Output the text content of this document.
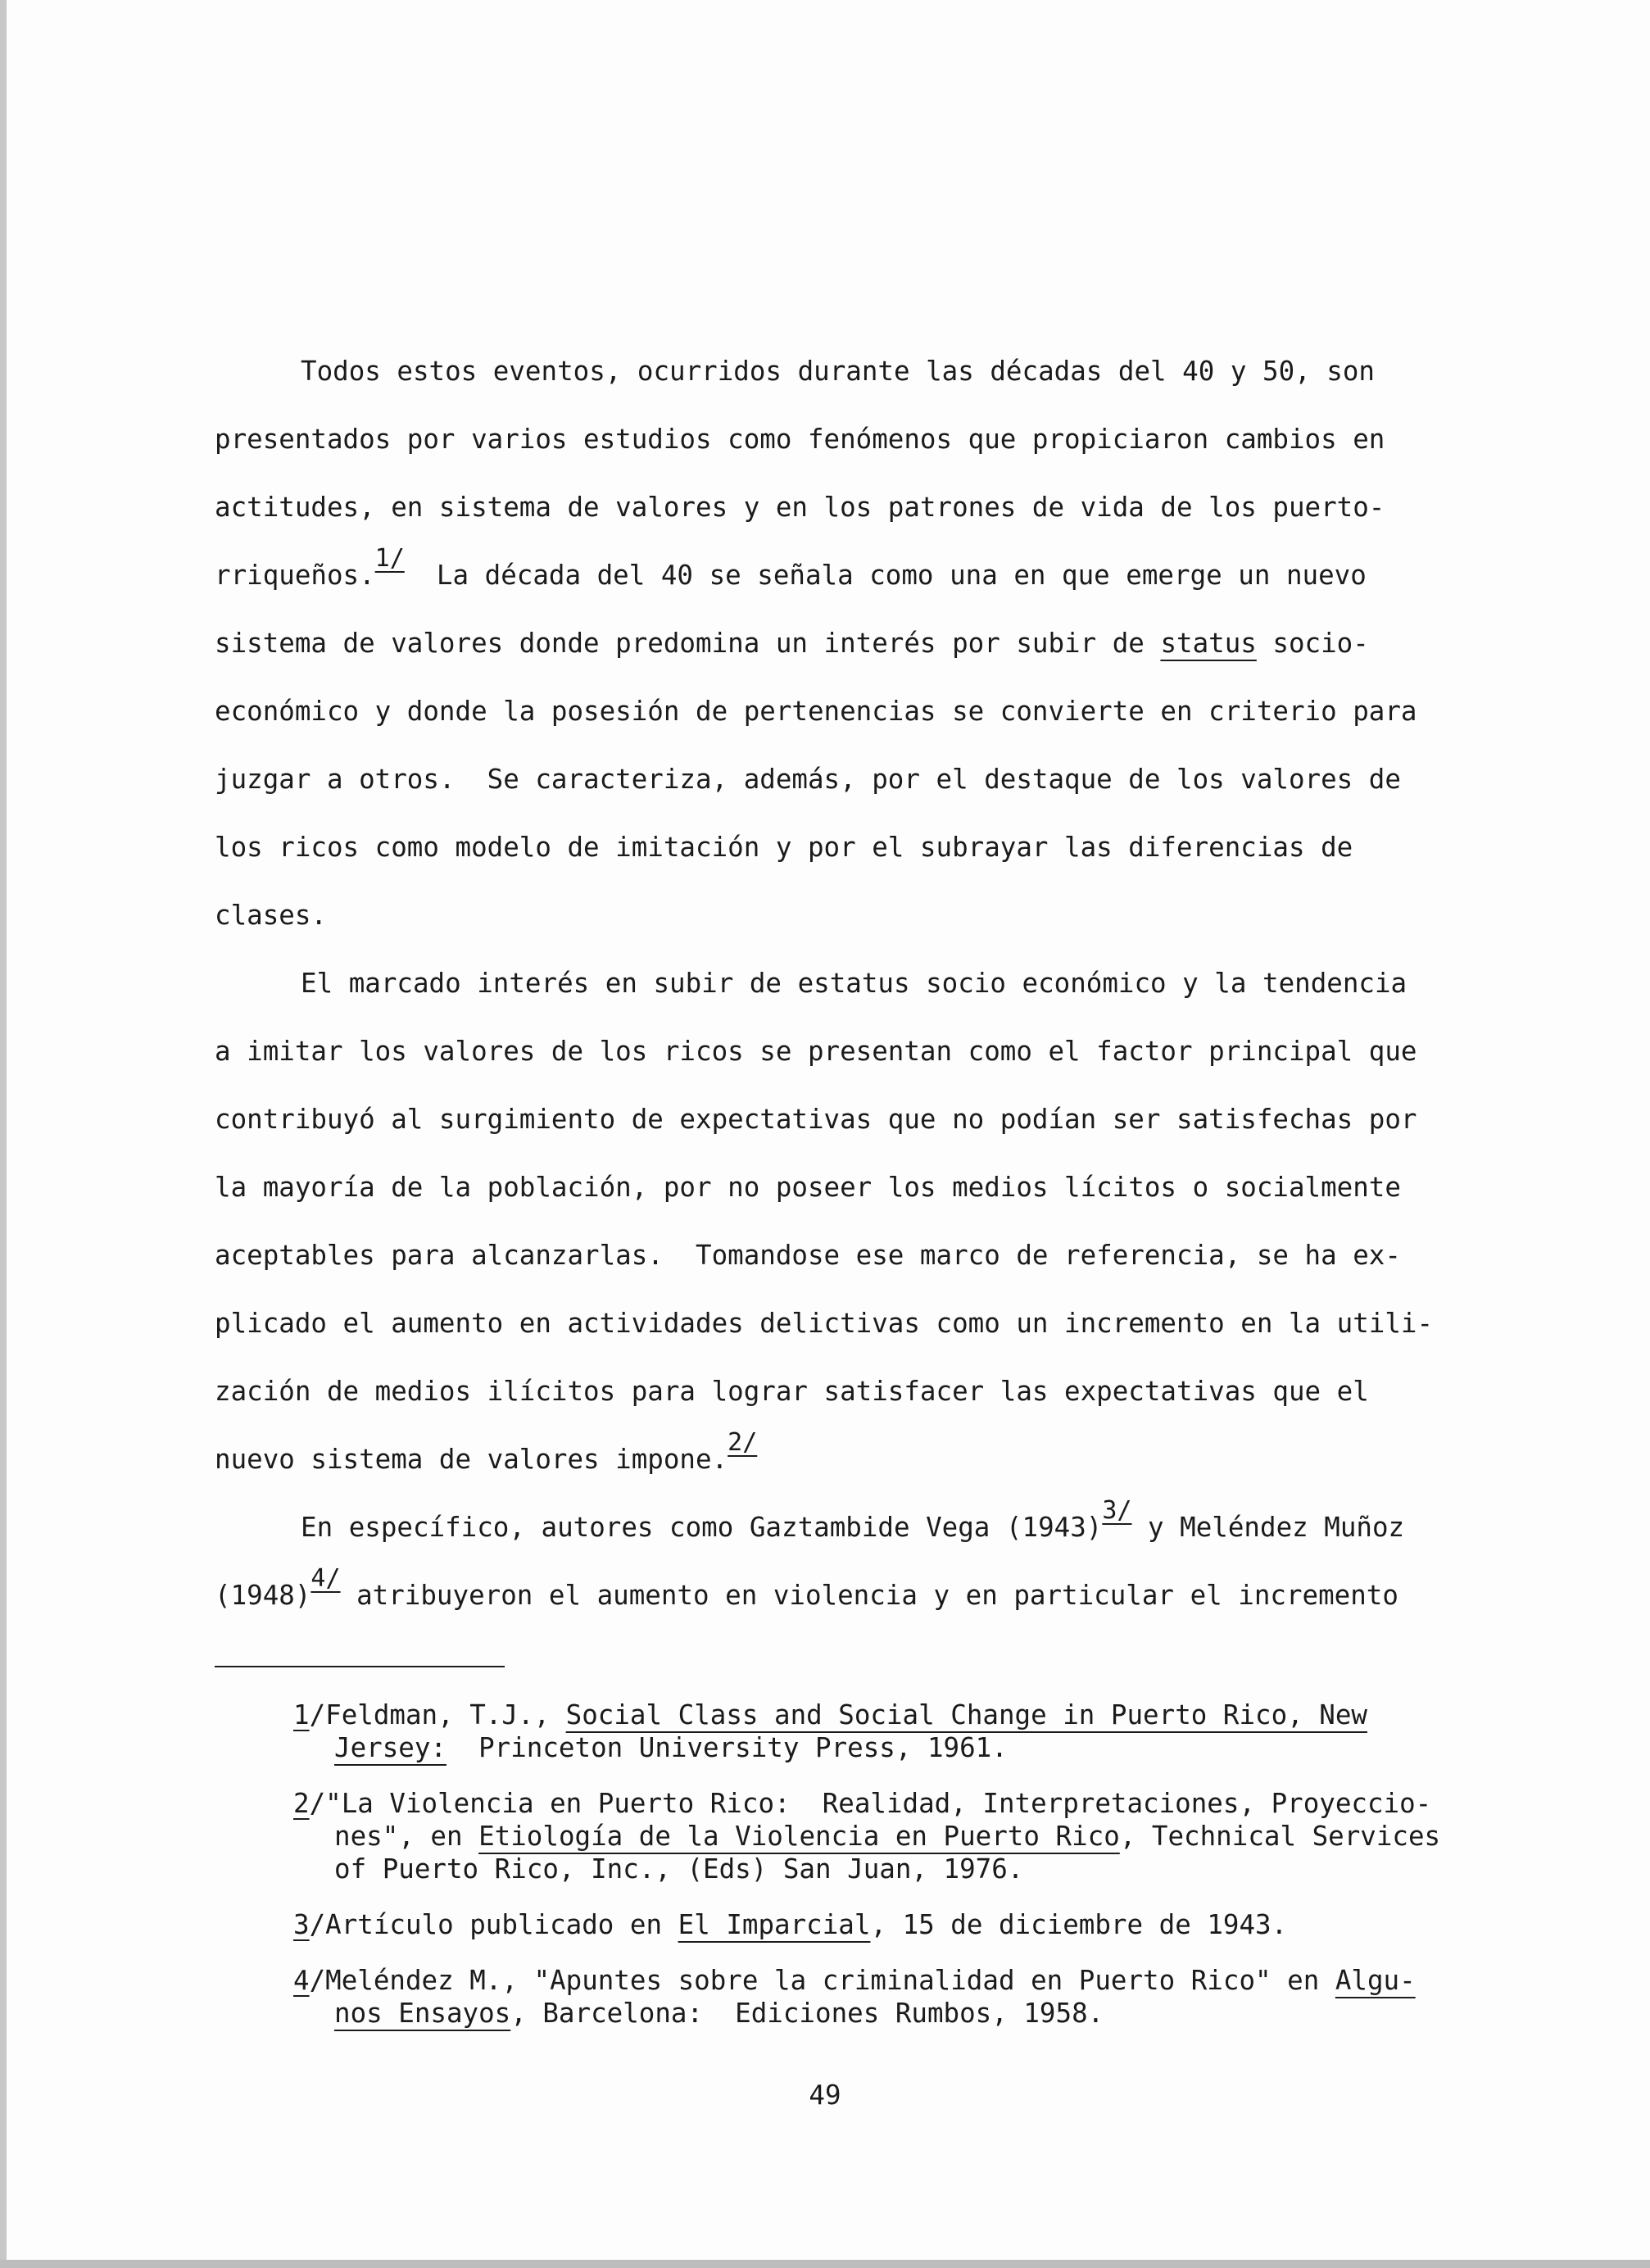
Todos estos eventos, ocurridos durante las décadas del 40 y 50, son
presentados por varios estudios como fenómenos que propiciaron cambios en
actitudes, en sistema de valores y en los patrones de vida de los puerto-
rriqueños.1/  La década del 40 se señala como una en que emerge un nuevo
sistema de valores donde predomina un interés por subir de status socio-
económico y donde la posesión de pertenencias se convierte en criterio para
juzgar a otros.  Se caracteriza, además, por el destaque de los valores de
los ricos como modelo de imitación y por el subrayar las diferencias de
clases.
El marcado interés en subir de estatus socio económico y la tendencia
a imitar los valores de los ricos se presentan como el factor principal que
contribuyó al surgimiento de expectativas que no podían ser satisfechas por
la mayoría de la población, por no poseer los medios lícitos o socialmente
aceptables para alcanzarlas.  Tomandose ese marco de referencia, se ha ex-
plicado el aumento en actividades delictivas como un incremento en la utili-
zación de medios ilícitos para lograr satisfacer las expectativas que el
nuevo sistema de valores impone.2/
En específico, autores como Gaztambide Vega (1943)3/ y Meléndez Muñoz
(1948)4/ atribuyeron el aumento en violencia y en particular el incremento
1/Feldman, T.J., Social Class and Social Change in Puerto Rico, New
Jersey:  Princeton University Press, 1961.
2/"La Violencia en Puerto Rico:  Realidad, Interpretaciones, Proyeccio-
nes", en Etiología de la Violencia en Puerto Rico, Technical Services
of Puerto Rico, Inc., (Eds) San Juan, 1976.
3/Artículo publicado en El Imparcial, 15 de diciembre de 1943.
4/Meléndez M., "Apuntes sobre la criminalidad en Puerto Rico" en Algu-
nos Ensayos, Barcelona:  Ediciones Rumbos, 1958.
49
